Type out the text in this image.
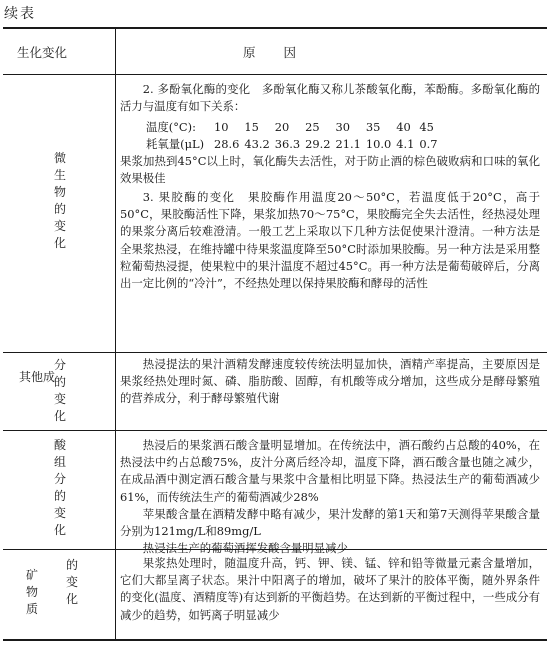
续表
生化变化	原　　因
微生物的变化

2. 多酚氧化酶的变化　多酚氧化酶又称儿茶酸氧化酶，苯酚酶。多酚氧化酶的活力与温度有如下关系：

温度(°C):	10	15	20	25	30	35	40	45
耗氧量(μL)	28.6	43.2	36.3	29.2	21.1	10.0	4.1	0.7

果浆加热到45°C以上时，氧化酶失去活性，对于防止酒的棕色破败病和口味的氧化效果极佳

3. 果胶酶的变化　果胶酶作用温度20～50°C，若温度低于20°C，高于50°C，果胶酶活性下降，果浆加热70～75°C，果胶酶完全失去活性，经热浸处理的果浆分离后较难澄清。一般工艺上采取以下几种方法促使果汁澄清。一种方法是全果浆热浸，在维持罐中待果浆温度降至50°C时添加果胶酶。另一种方法是采用整粒葡萄热浸提，使果粒中的果汁温度不超过45°C。再一种方法是葡萄破碎后，分离出一定比例的“冷汁”，不经热处理以保持果胶酶和酵母的活性

其他成
分的变化

热浸提法的果汁酒精发酵速度较传统法明显加快，酒精产率提高，主要原因是果浆经热处理时氮、磷、脂肪酸、固醇，有机酸等成分增加，这些成分是酵母繁殖的营养成分，利于酵母繁殖代谢

酸组分的变化

热浸后的果浆酒石酸含量明显增加。在传统法中，酒石酸约占总酸的40%，在热浸法中约占总酸75%，皮汁分离后经冷却，温度下降，酒石酸含量也随之减少，在成品酒中测定酒石酸含量与果浆中含量相比明显下降。热浸法生产的葡萄酒减少61%，而传统法生产的葡萄酒减少28%

苹果酸含量在酒精发酵中略有减少，果汁发酵的第1天和第7天测得苹果酸含量分别为121mg/L和89mg/L

热浸法生产的葡萄酒挥发酸含量明显减少

矿物质
的变化

果浆热处理时，随温度升高，钙、钾、镁、锰、锌和铅等微量元素含量增加，它们大都呈离子状态。果汁中阳离子的增加，破坏了果汁的胶体平衡，随外界条件的变化(温度、酒精度等)有达到新的平衡趋势。在达到新的平衡过程中，一些成分有减少的趋势，如钙离子明显减少
